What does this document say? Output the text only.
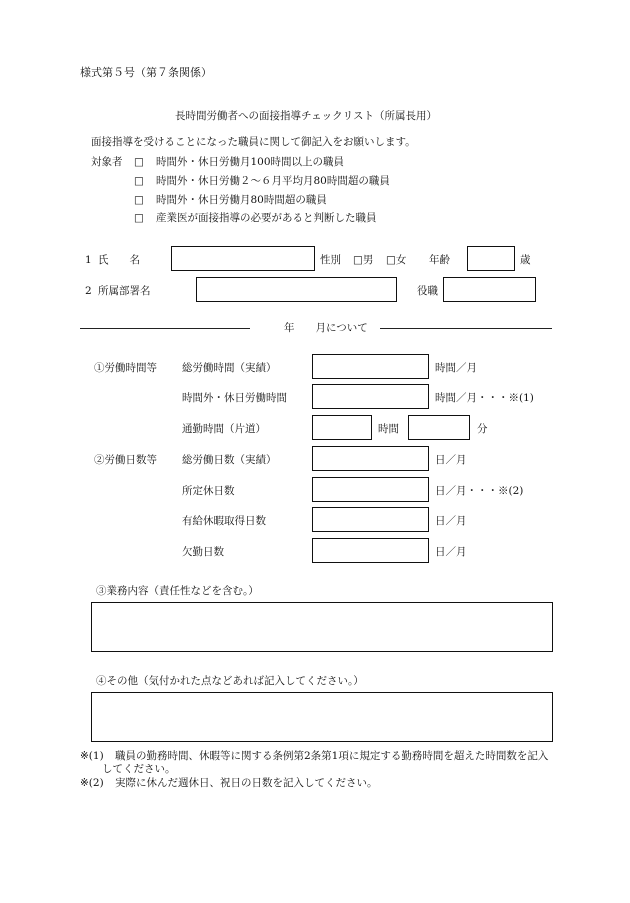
様式第５号（第７条関係）
長時間労働者への面接指導チェックリスト（所属長用）
面接指導を受けることになった職員に関して御記入をお願いします。
対象者 □ 時間外・休日労働月100時間以上の職員
□ 時間外・休日労働２～６月平均月80時間超の職員
□ 時間外・休日労働月80時間超の職員
□ 産業医が面接指導の必要があると判断した職員
1 氏　　名	性別 □男 □女 年齢	歳
2 所属部署名	役職
年　　月について
①労働時間等 総労働時間（実績）	時間／月
時間外・休日労働時間	時間／月・・・※(1)
通勤時間（片道）	時間	分
②労働日数等 総労働日数（実績）	日／月
所定休日数	日／月・・・※(2)
有給休暇取得日数	日／月
欠勤日数	日／月
③業務内容（責任性などを含む。）
④その他（気付かれた点などあれば記入してください。）
※(1) 職員の勤務時間、休暇等に関する条例第2条第1項に規定する勤務時間を超えた時間数を記入
してください。
※(2) 実際に休んだ週休日、祝日の日数を記入してください。
